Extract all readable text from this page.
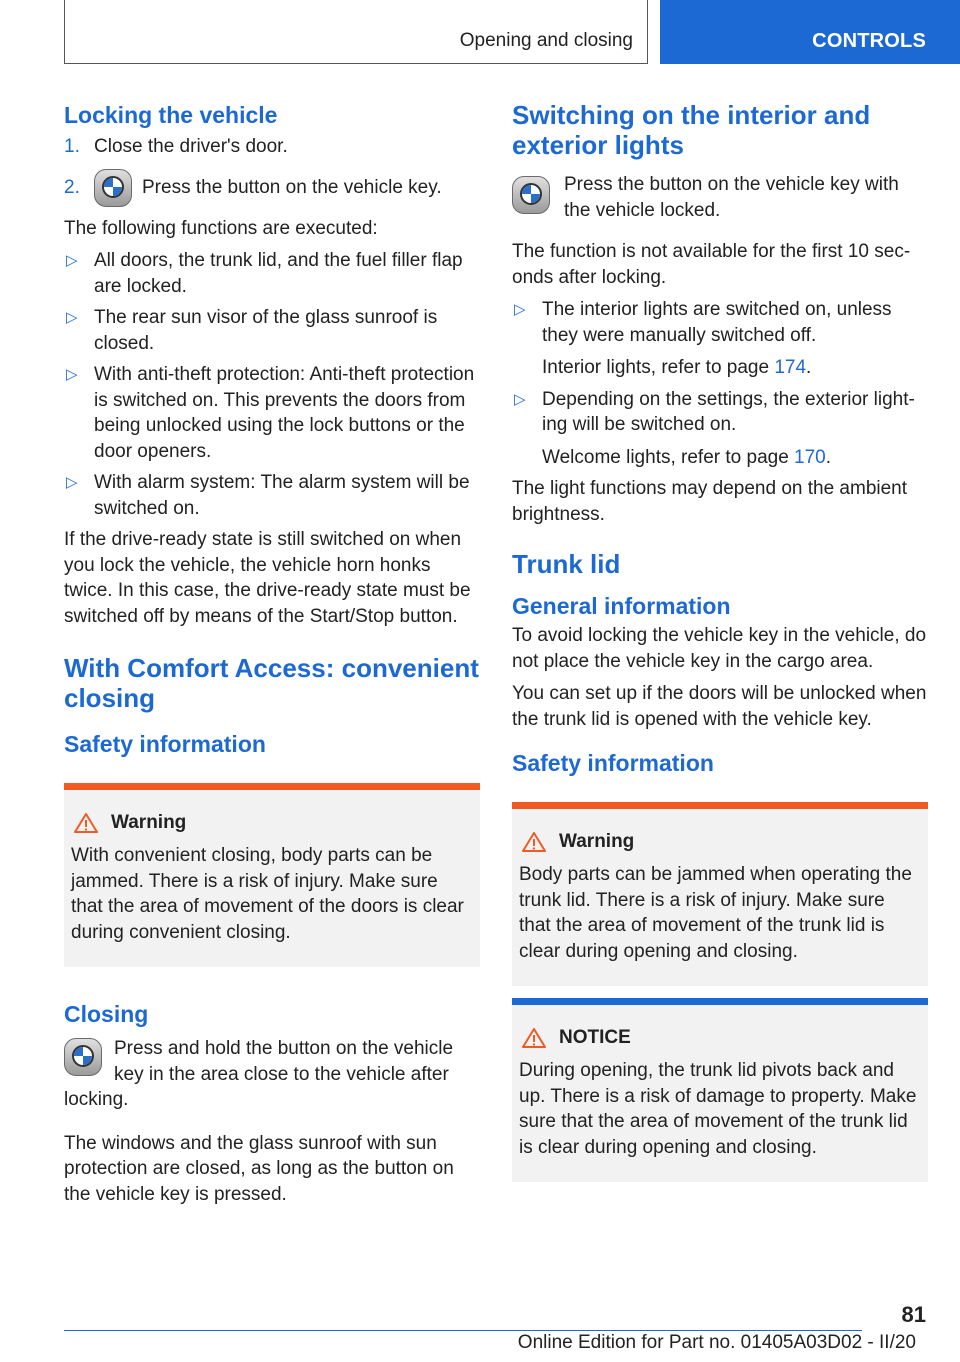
Opening and closing	CONTROLS
Locking the vehicle
1. Close the driver's door.
2.	Press the button on the vehicle key.

The following functions are executed:

▷ All doors, the trunk lid, and the fuel filler flap are locked.
▷ The rear sun visor of the glass sunroof is closed.
▷ With anti-theft protection: Anti-theft protection is switched on. This prevents the doors from being unlocked using the lock buttons or the door openers.
▷ With alarm system: The alarm system will be switched on.

If the drive-ready state is still switched on when you lock the vehicle, the vehicle horn honks twice. In this case, the drive-ready state must be switched off by means of the Start/Stop button.

With Comfort Access: convenient closing
Safety information
Warning
With convenient closing, body parts can be jammed. There is a risk of injury. Make sure that the area of movement of the doors is clear during convenient closing.
Closing

Press and hold the button on the vehicle key in the area close to the vehicle after locking.

The windows and the glass sunroof with sun protection are closed, as long as the button on the vehicle key is pressed.

Switching on the interior and exterior lights

Press the button on the vehicle key with the vehicle locked.

The function is not available for the first 10 seconds after locking.

▷ The interior lights are switched on, unless they were manually switched off.
Interior lights, refer to page 174.
▷ Depending on the settings, the exterior lighting will be switched on.
Welcome lights, refer to page 170.

The light functions may depend on the ambient brightness.

Trunk lid
General information

To avoid locking the vehicle key in the vehicle, do not place the vehicle key in the cargo area.

You can set up if the doors will be unlocked when the trunk lid is opened with the vehicle key.

Safety information
Warning
Body parts can be jammed when operating the trunk lid. There is a risk of injury. Make sure that the area of movement of the trunk lid is clear during opening and closing.
NOTICE
During opening, the trunk lid pivots back and up. There is a risk of damage to property. Make sure that the area of movement of the trunk lid is clear during opening and closing.
81
Online Edition for Part no. 01405A03D02 - II/20
